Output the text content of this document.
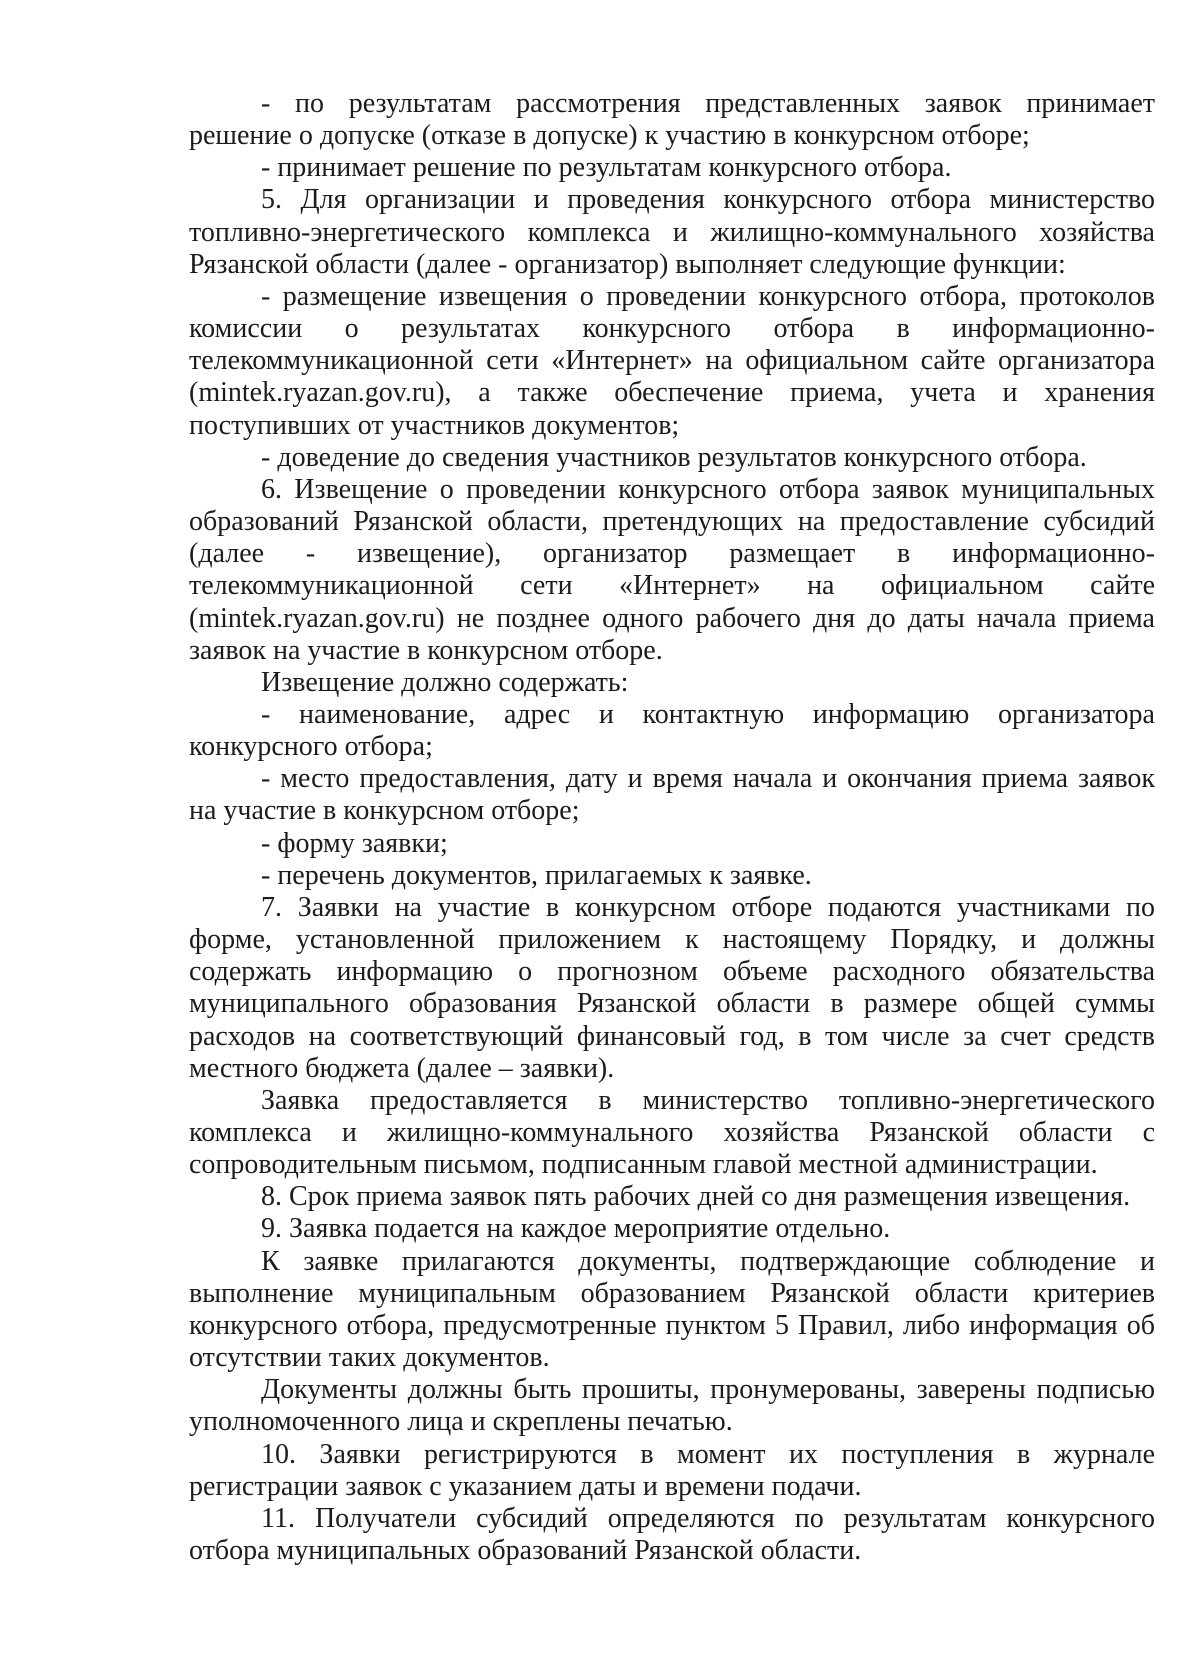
- по результатам рассмотрения представленных заявок принимает решение о допуске (отказе в допуске) к участию в конкурсном отборе;

- принимает решение по результатам конкурсного отбора.

5. Для организации и проведения конкурсного отбора министерство топливно-энергетического комплекса и жилищно-коммунального хозяйства Рязанской области (далее - организатор) выполняет следующие функции:

- размещение извещения о проведении конкурсного отбора, протоколов комиссии о результатах конкурсного отбора в информационно-телекоммуникационной сети «Интернет» на официальном сайте организатора (mintek.ryazan.gov.ru), а также обеспечение приема, учета и хранения поступивших от участников документов;

- доведение до сведения участников результатов конкурсного отбора.

6. Извещение о проведении конкурсного отбора заявок муниципальных образований Рязанской области, претендующих на предоставление субсидий (далее - извещение), организатор размещает в информационно-телекоммуникационной сети «Интернет» на официальном сайте (mintek.ryazan.gov.ru) не позднее одного рабочего дня до даты начала приема заявок на участие в конкурсном отборе.

Извещение должно содержать:

- наименование, адрес и контактную информацию организатора конкурсного отбора;

- место предоставления, дату и время начала и окончания приема заявок на участие в конкурсном отборе;

- форму заявки;

- перечень документов, прилагаемых к заявке.

7. Заявки на участие в конкурсном отборе подаются участниками по форме, установленной приложением к настоящему Порядку, и должны содержать информацию о прогнозном объеме расходного обязательства муниципального образования Рязанской области в размере общей суммы расходов на соответствующий финансовый год, в том числе за счет средств местного бюджета (далее – заявки).

Заявка предоставляется в министерство топливно-энергетического комплекса и жилищно-коммунального хозяйства Рязанской области с сопроводительным письмом, подписанным главой местной администрации.

8. Срок приема заявок пять рабочих дней со дня размещения извещения.

9. Заявка подается на каждое мероприятие отдельно.

К заявке прилагаются документы, подтверждающие соблюдение и выполнение муниципальным образованием Рязанской области критериев конкурсного отбора, предусмотренные пунктом 5 Правил, либо информация об отсутствии таких документов.

Документы должны быть прошиты, пронумерованы, заверены подписью уполномоченного лица и скреплены печатью.

10. Заявки регистрируются в момент их поступления в журнале регистрации заявок с указанием даты и времени подачи.

11. Получатели субсидий определяются по результатам конкурсного отбора муниципальных образований Рязанской области.
